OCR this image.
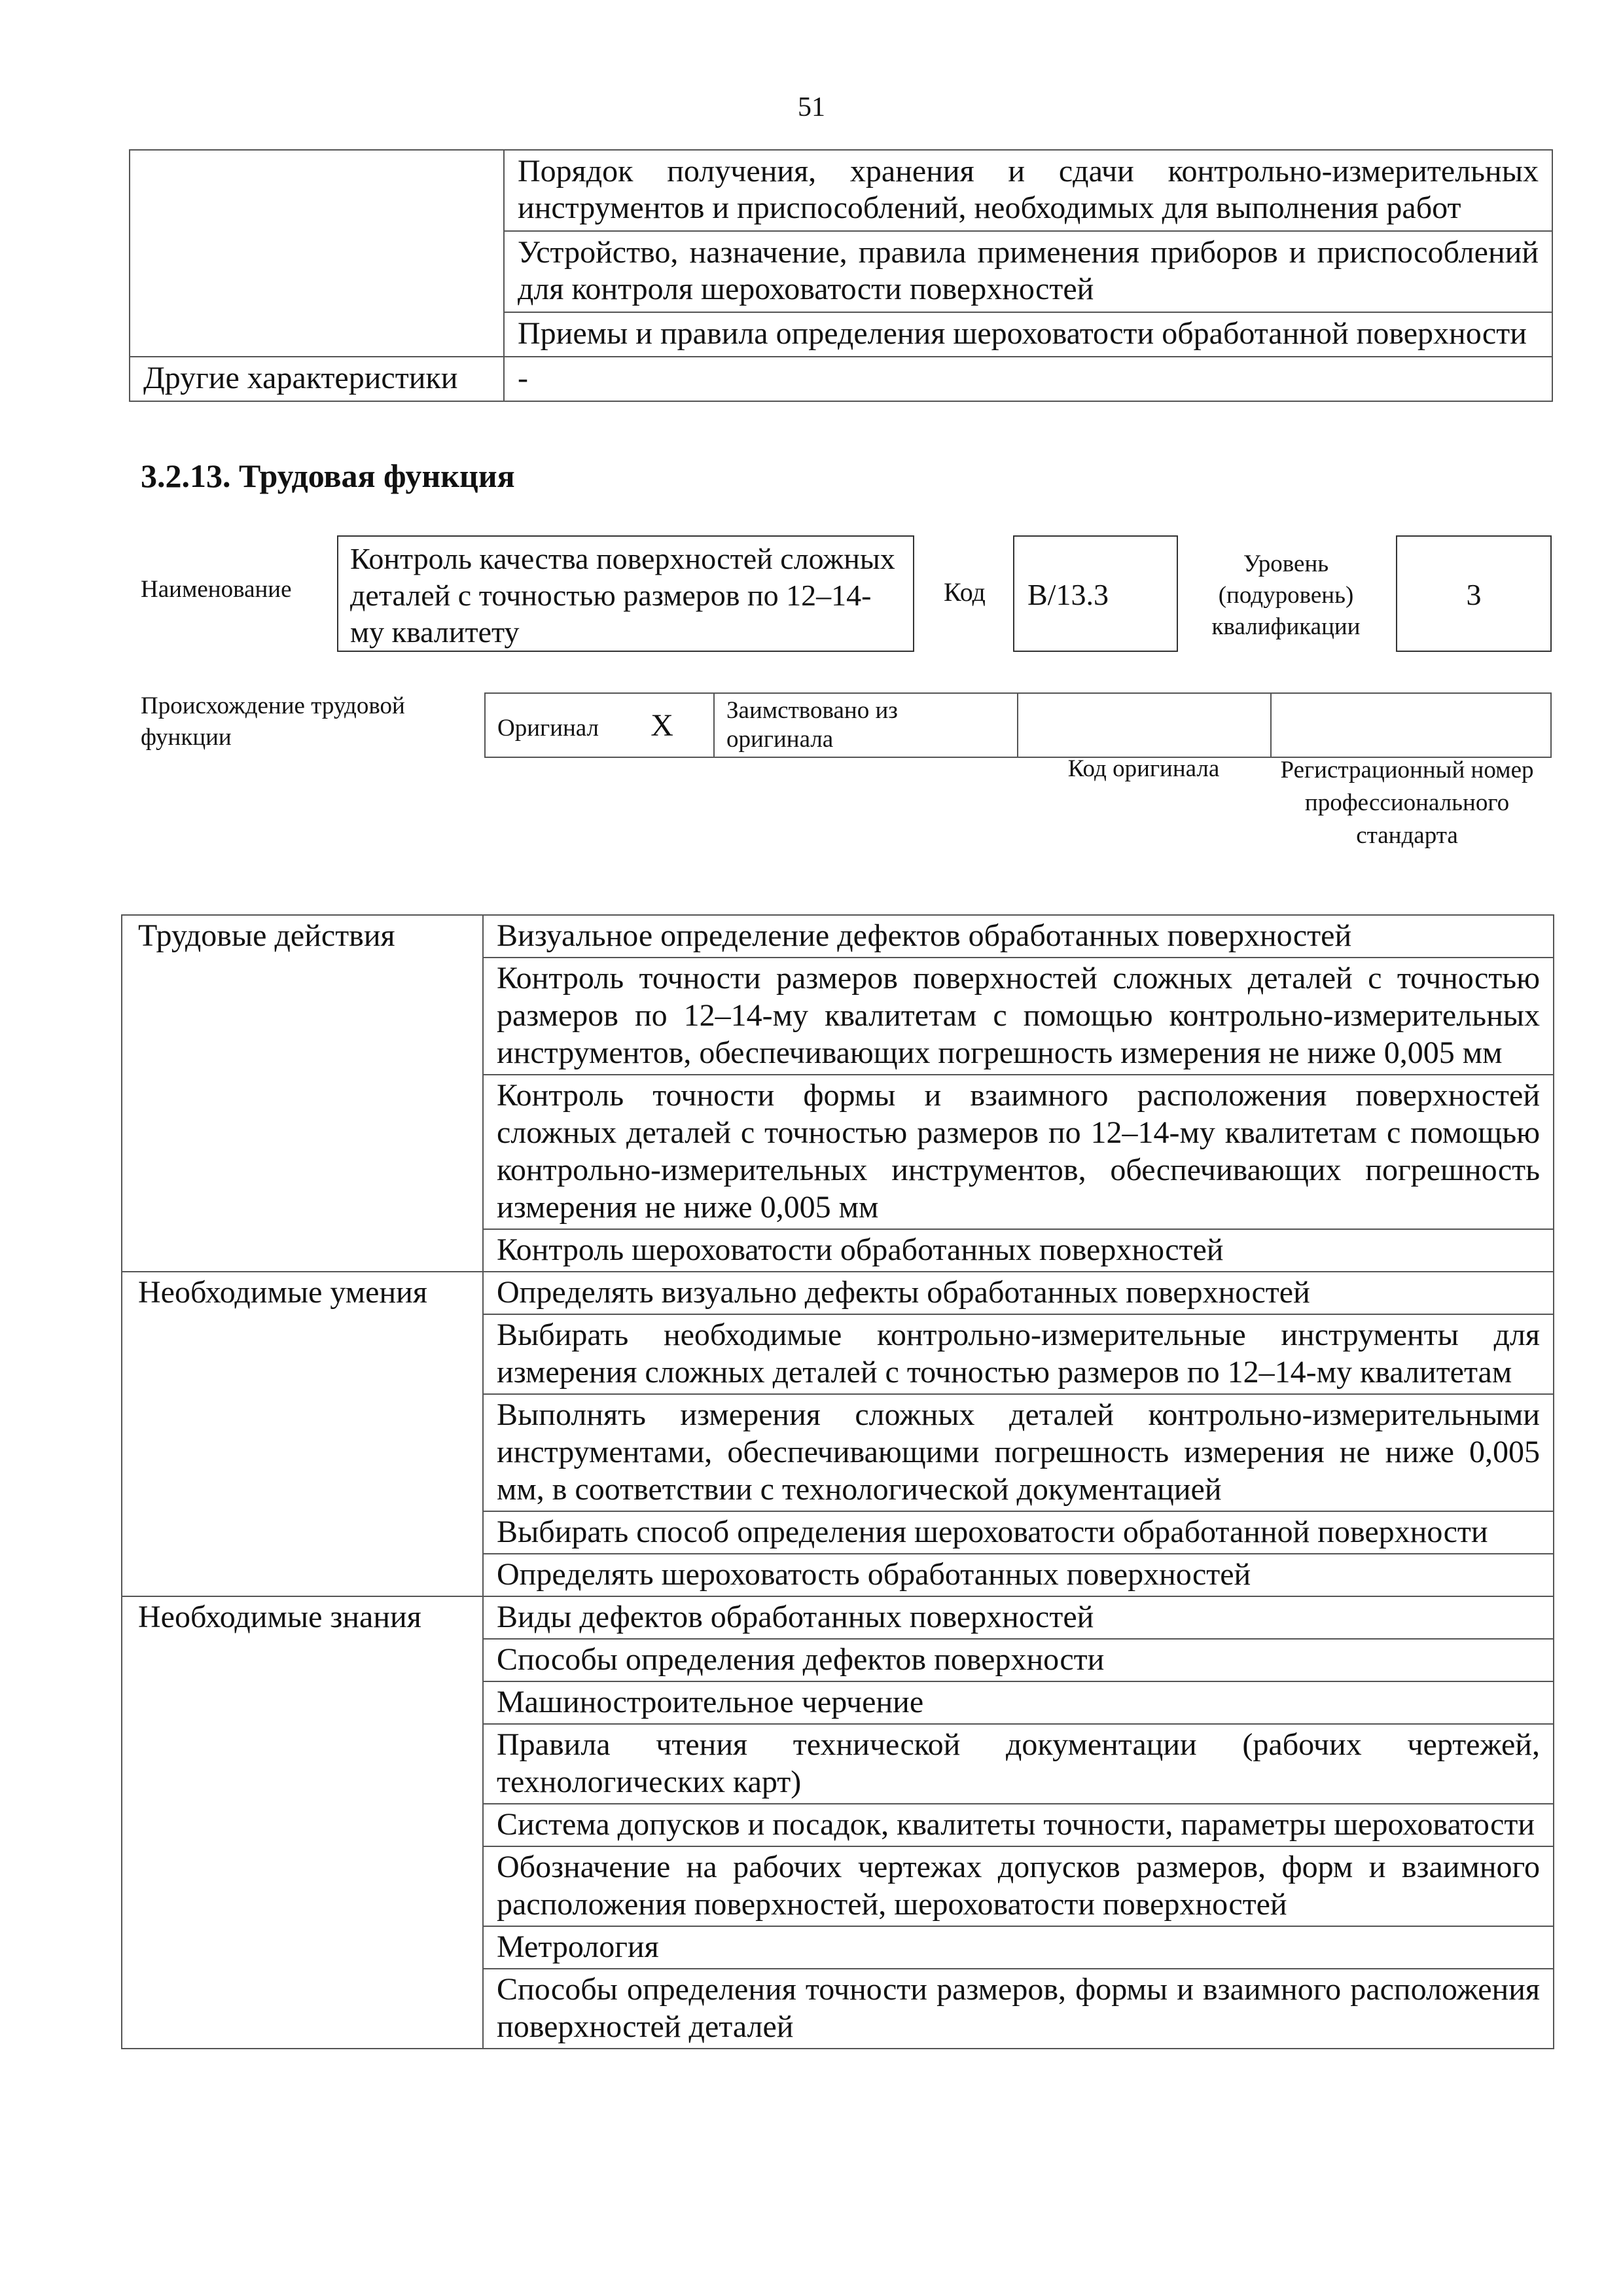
51
	Порядок получения, хранения и сдачи контрольно-измерительных инструментов и приспособлений, необходимых для выполнения работ
	Устройство, назначение, правила применения приборов и приспособлений для контроля шероховатости поверхностей
	Приемы и правила определения шероховатости обработанной поверхности
Другие характеристики	-
3.2.13. Трудовая функция
Наименование
Контроль качества поверхностей сложных деталей с точностью размеров по 12–14-му квалитету
Код	B/13.3
Уровень (подуровень) квалификации
3
Происхождение трудовой функции	Оригинал X	Заимствовано из оригинала		
Код оригинала	Регистрационный номер профессионального стандарта
Трудовые действия	Визуальное определение дефектов обработанных поверхностей
	Контроль точности размеров поверхностей сложных деталей с точностью размеров по 12–14-му квалитетам с помощью контрольно-измерительных инструментов, обеспечивающих погрешность измерения не ниже 0,005 мм
	Контроль точности формы и взаимного расположения поверхностей сложных деталей с точностью размеров по 12–14-му квалитетам с помощью контрольно-измерительных инструментов, обеспечивающих погрешность измерения не ниже 0,005 мм
	Контроль шероховатости обработанных поверхностей
Необходимые умения	Определять визуально дефекты обработанных поверхностей
	Выбирать необходимые контрольно-измерительные инструменты для измерения сложных деталей с точностью размеров по 12–14-му квалитетам
	Выполнять измерения сложных деталей контрольно-измерительными инструментами, обеспечивающими погрешность измерения не ниже 0,005 мм, в соответствии с технологической документацией
	Выбирать способ определения шероховатости обработанной поверхности
	Определять шероховатость обработанных поверхностей
Необходимые знания	Виды дефектов обработанных поверхностей
	Способы определения дефектов поверхности
	Машиностроительное черчение
	Правила чтения технической документации (рабочих чертежей, технологических карт)
	Система допусков и посадок, квалитеты точности, параметры шероховатости
	Обозначение на рабочих чертежах допусков размеров, форм и взаимного расположения поверхностей, шероховатости поверхностей
	Метрология
	Способы определения точности размеров, формы и взаимного расположения поверхностей деталей
